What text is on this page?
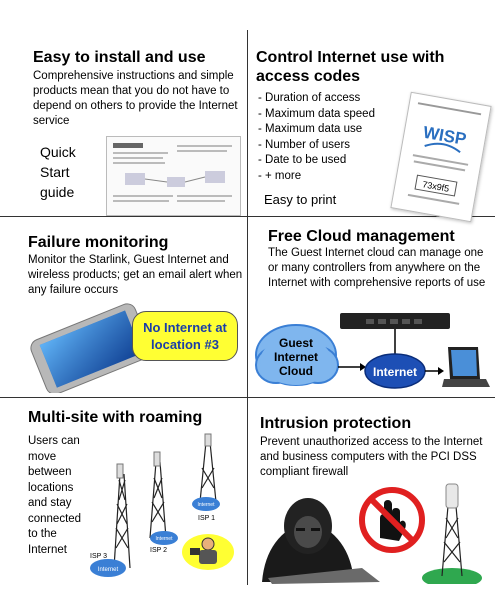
Easy to install and use
Comprehensive instructions and simple products mean that you do not have to depend on others to provide the Internet service
Quick
Start
guide
Control Internet use with access codes
- Duration of access
- Maximum data speed
- Maximum data use
- Number of users
- Date to be used
- + more
Easy to print
WISP
73x9f5
Failure monitoring
Monitor the Starlink, Guest Internet and wireless products; get an email alert when any failure occurs
No Internet at
location #3
Free Cloud management
The Guest Internet cloud can manage one or many controllers from anywhere on the Internet with comprehensive reports of use
Guest
Internet
Cloud	Internet
Multi-site with roaming
Users can move between locations and stay connected to the Internet
Internet
Internet
Internet
ISP 3
ISP 2
ISP 1
Intrusion protection
Prevent unauthorized access to the Internet and business computers with the PCI DSS compliant firewall
